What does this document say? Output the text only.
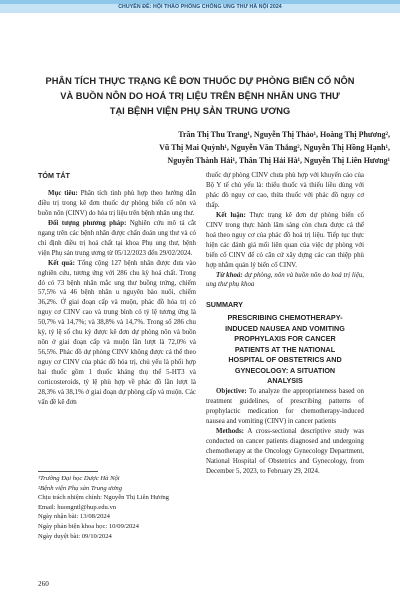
CHUYÊN ĐỀ: HỘI THẢO PHÒNG CHỐNG UNG THƯ HÀ NỘI 2024
PHÂN TÍCH THỰC TRẠNG KÊ ĐƠN THUỐC DỰ PHÒNG BIẾN CỐ NÔN
VÀ BUỒN NÔN DO HOÁ TRỊ LIỆU TRÊN BỆNH NHÂN UNG THƯ
TẠI BỆNH VIỆN PHỤ SẢN TRUNG ƯƠNG
Trần Thị Thu Trang¹, Nguyễn Thị Thảo¹, Hoàng Thị Phương²,
Vũ Thị Mai Quỳnh¹, Nguyễn Văn Thắng², Nguyễn Thị Hồng Hạnh¹,
Nguyễn Thành Hải¹, Thân Thị Hải Hà¹, Nguyễn Thị Liên Hương¹
TÓM TẮT

Mục tiêu: Phân tích tình phù hợp theo hướng dẫn điều trị trong kê đơn thuốc dự phòng biến cố nôn và buồn nôn (CINV) do hóa trị liệu trên bệnh nhân ung thư.

Đối tượng phương pháp: Nghiên cứu mô tả cắt ngang trên các bệnh nhân được chẩn đoán ung thư và có chỉ định điều trị hoá chất tại khoa Phụ ung thư, bệnh viện Phụ sản trung ương từ 05/12/2023 đến 29/02/2024.

Kết quả: Tổng cộng 127 bệnh nhân được đưa vào nghiên cứu, tương ứng với 286 chu kỳ hoá chất. Trong đó có 73 bệnh nhân mắc ung thư buồng trứng, chiếm 57,5% và 46 bệnh nhân u nguyên bào nuôi, chiếm 36,2%. Ở giai đoạn cấp và muộn, phác đồ hóa trị có nguy cơ CINV cao và trung bình có tỷ lệ tương ứng là 50,7% và 14,7%; và 38,8% và 14,7%. Trong số 286 chu kỳ, tỷ lệ số chu kỳ được kê đơn dự phòng nôn và buồn nôn ở giai đoạn cấp và muộn lần lượt là 72,0% và 56,5%. Phác đồ dự phòng CINV không được cá thể theo nguy cơ CINV của phác đồ hóa trị, chủ yếu là phối hợp hai thuốc gồm 1 thuốc kháng thụ thể 5-HT3 và corticosteroids, tỷ lệ phù hợp về phác đồ lần lượt là 28,3% và 38,1% ở giai đoạn dự phòng cấp và muộn. Các vấn đề kê đơn

thuốc dự phòng CINV chưa phù hợp với khuyến cáo của Bộ Y tế chủ yếu là: thiếu thuốc và thiếu liều dùng với phác đồ nguy cơ cao, thừa thuốc với phác đồ nguy cơ thấp.

Kết luận: Thực trạng kê đơn dự phòng biến cố CINV trong thực hành lâm sàng còn chưa được cá thể hoá theo nguy cơ của phác đồ hoá trị liệu. Tiếp tục thực hiện các đánh giá mối liên quan của việc dự phòng với biến cố CINV để có căn cứ xây dựng các can thiệp phù hợp nhằm quản lý biến cố CINV.

Từ khoá: dự phòng, nôn và buồn nôn do hoá trị liệu, ung thư phụ khoa

SUMMARY
PRESCRIBING CHEMOTHERAPY-
INDUCED NAUSEA AND VOMITING
PROPHYLAXIS FOR CANCER
PATIENTS AT THE NATIONAL
HOSPITAL OF OBSTETRICS AND
GYNECOLOGY: A SITUATION
ANALYSIS

Objective: To analyze the appropriateness based on treatment guidelines, of prescribing patterns of prophylactic medication for chemotherapy-induced nausea and vomiting (CINV) in cancer patients

Methods: A cross-sectional descriptive study was conducted on cancer patients diagnosed and undergoing chemotherapy at the Oncology Gynecology Department, National Hospital of Obstetrics and Gynecology, from December 5, 2023, to February 29, 2024.

¹Trường Đại học Dược Hà Nội
²Bệnh viện Phụ sản Trung ương
Chịu trách nhiệm chính: Nguyễn Thị Liên Hương
Email: huongntl@hup.edu.vn
Ngày nhận bài: 13/08/2024
Ngày phản biện khoa học: 10/09/2024
Ngày duyệt bài: 09/10/2024
260
